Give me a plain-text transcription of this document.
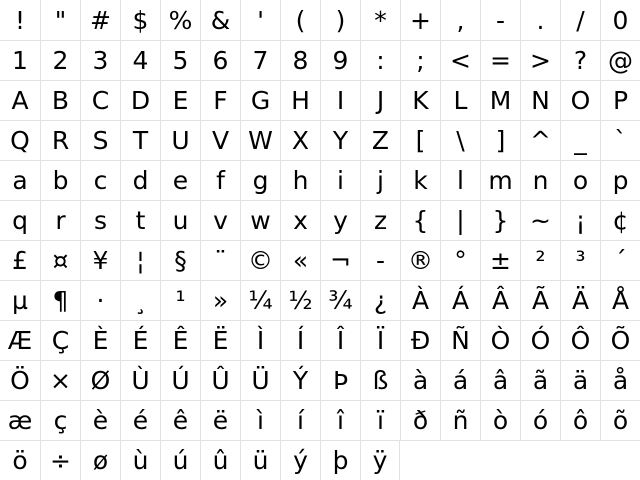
!	" # $ % &	'	(	)	* +	,	-	.	/	0
1 2 3 4 5 6 7 8 9	:	;	< = > ? @
A B C D E F G H	I	J	K L M N O P
Q R S T U V W X Y Z	[	\	] ^ _	`
a b	c	d e	f	g h	i	j	k	l m n o p
q	r	s	t	u v w x	y	z	{	|	} ~ ¡	¢
£ ¤ ¥	¦	§	¨ © « ¬	- ® ° ± ²	³	´
µ ¶	·	¸	¹	» ¼ ½ ¾ ¿ À Á Â Ã Ä Å
Æ Ç È É Ê Ë	Ì	Í	Î	Ï	Ð Ñ Ò Ó Ô Õ
Ö × Ø Ù Ú Û Ü Ý Þ ß à á â ã ä å
æ ç	è é ê ë	ì	í	î	ï	ð ñ ò ó ô õ
ö ÷ ø ù ú û ü ý þ ÿ
